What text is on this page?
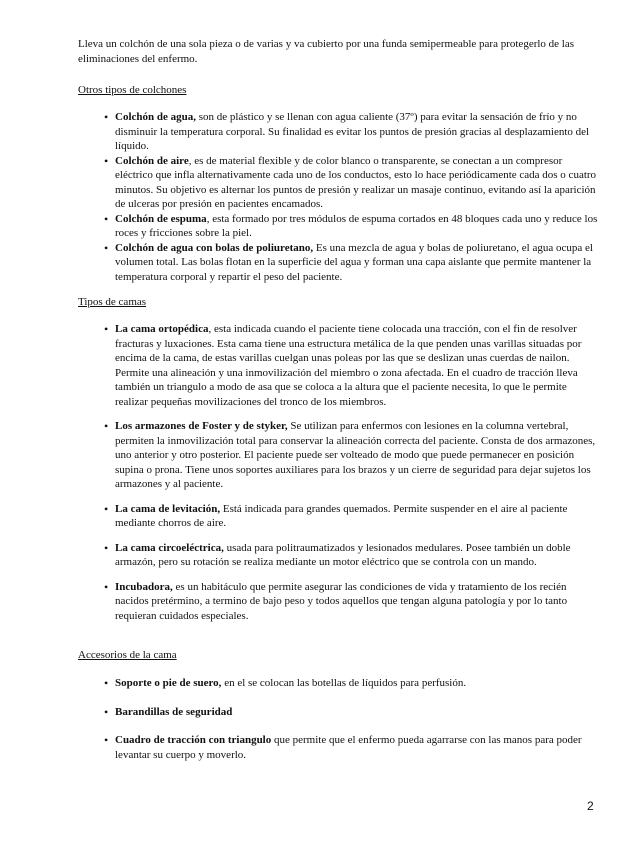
Lleva un colchón de una sola pieza o de varias y va cubierto por una funda semipermeable para protegerlo de las eliminaciones del enfermo.

Otros tipos de colchones

• Colchón de agua, son de plástico y se llenan con agua caliente (37º) para evitar la sensación de frío y no disminuir la temperatura corporal. Su finalidad es evitar los puntos de presión gracias al desplazamiento del líquido.
• Colchón de aire, es de material flexible y de color blanco o transparente, se conectan a un compresor eléctrico que infla alternativamente cada uno de los conductos, esto lo hace periódicamente cada dos o cuatro minutos. Su objetivo es alternar los puntos de presión y realizar un masaje continuo, evitando así la aparición de ulceras por presión en pacientes encamados.
• Colchón de espuma, esta formado por tres módulos de espuma cortados en 48 bloques cada uno y reduce los roces y fricciones sobre la piel.
• Colchón de agua con bolas de poliuretano, Es una mezcla de agua y bolas de poliuretano, el agua ocupa el volumen total. Las bolas flotan en la superficie del agua y forman una capa aislante que permite mantener la temperatura corporal y repartir el peso del paciente.

Tipos de camas

• La cama ortopédica, esta indicada cuando el paciente tiene colocada una tracción, con el fin de resolver fracturas y luxaciones. Esta cama tiene una estructura metálica de la que penden unas varillas situadas por encima de la cama, de estas varillas cuelgan unas poleas por las que se deslizan unas cuerdas de nailon. Permite una alineación y una inmovilización del miembro o zona afectada. En el cuadro de tracción lleva también un triangulo a modo de asa que se coloca a la altura que el paciente necesita, lo que le permite realizar pequeñas movilizaciones del tronco de los miembros.
• Los armazones de Foster y de styker, Se utilizan para enfermos con lesiones en la columna vertebral, permiten la inmovilización total para conservar la alineación correcta del paciente. Consta de dos armazones, uno anterior y otro posterior. El paciente puede ser volteado de modo que puede permanecer en posición supina o prona. Tiene unos soportes auxiliares para los brazos y un cierre de seguridad para dejar sujetos los armazones y al paciente.
• La cama de levitación, Está indicada para grandes quemados. Permite suspender en el aire al paciente mediante chorros de aire.
• La cama circoeléctrica, usada para politraumatizados y lesionados medulares. Posee también un doble armazón, pero su rotación se realiza mediante un motor eléctrico que se controla con un mando.
• Incubadora, es un habitáculo que permite asegurar las condiciones de vida y tratamiento de los recién nacidos pretérmino, a termino de bajo peso y todos aquellos que tengan alguna patología y por lo tanto requieran cuidados especiales.

Accesorios de la cama

• Soporte o pie de suero, en el se colocan las botellas de líquidos para perfusión.
• Barandillas de seguridad
• Cuadro de tracción con triangulo que permite que el enfermo pueda agarrarse con las manos para poder levantar su cuerpo y moverlo.
2
